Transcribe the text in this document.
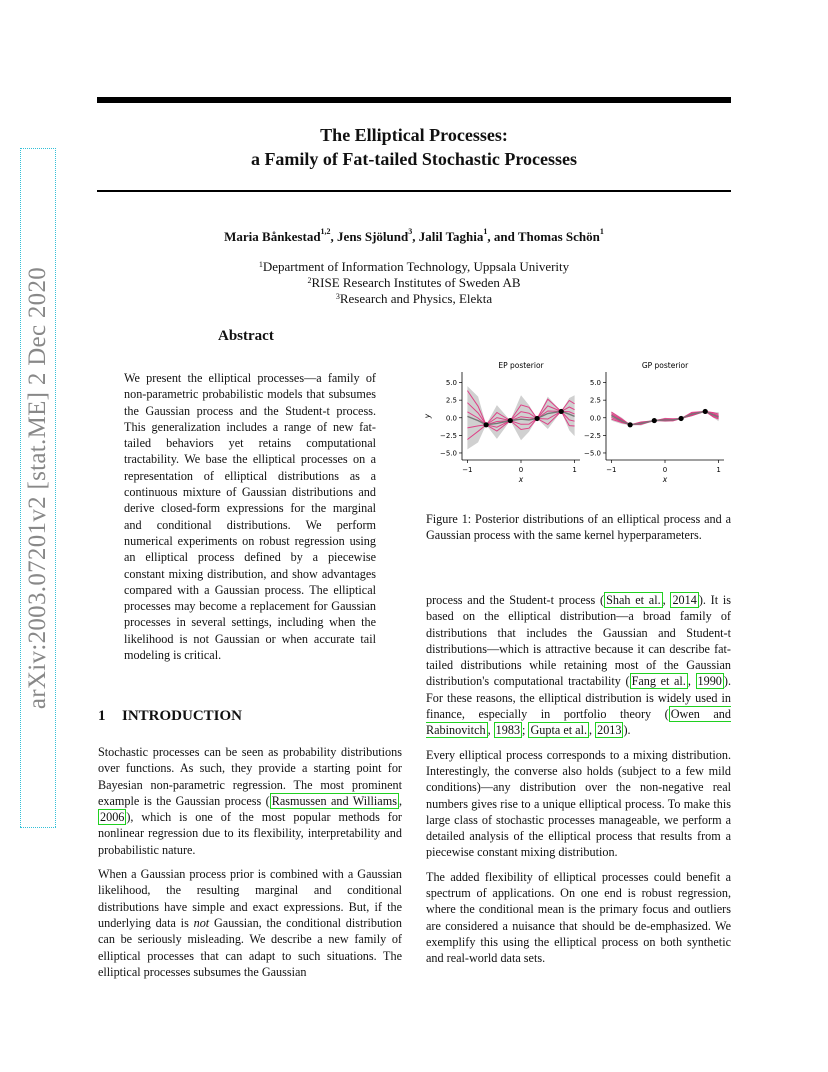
The Elliptical Processes:
a Family of Fat-tailed Stochastic Processes
arXiv:2003.07201v2 [stat.ME] 2 Dec 2020
Maria Bånkestad$^{1,2}$, Jens Sjölund$^3$, Jalil Taghia$^1$, and Thomas Schön$^1$
$^1$Department of Information Technology, Uppsala Univerity
$^2$RISE Research Institutes of Sweden AB
$^3$Research and Physics, Elekta
Abstract
We present the elliptical processes—a family of non-parametric probabilistic models that subsumes the Gaussian process and the Student-t process. This generalization includes a range of new fat-tailed behaviors yet retains computational tractability. We base the elliptical processes on a representation of elliptical distributions as a continuous mixture of Gaussian distributions and derive closed-form expressions for the marginal and conditional distributions. We perform numerical experiments on robust regression using an elliptical process defined by a piecewise constant mixing distribution, and show advantages compared with a Gaussian process. The elliptical processes may become a replacement for Gaussian processes in several settings, including when the likelihood is not Gaussian or when accurate tail modeling is critical.
1 INTRODUCTION

Stochastic processes can be seen as probability distributions over functions. As such, they provide a starting point for Bayesian non-parametric regression. The most prominent example is the Gaussian process ( Rasmussen and Williams , 2006 ), which is one of the most popular methods for nonlinear regression due to its flexibility, interpretability and probabilistic nature.

When a Gaussian process prior is combined with a Gaussian likelihood, the resulting marginal and conditional distributions have simple and exact expressions. But, if the underlying data is not Gaussian, the conditional distribution can be seriously misleading. We describe a new family of elliptical processes that can adapt to such situations. The elliptical processes subsumes the Gaussian

5.0
2.5
0.0
−2.5
−5.0
−1	0	1
EP posterior
x
y
5.0
2.5
0.0
−2.5
−5.0
−1	0	1
GP posterior
x
Figure 1: Posterior distributions of an elliptical process and a Gaussian process with the same kernel hyperparameters.

process and the Student-t process ( Shah et al. , 2014 ). It is based on the elliptical distribution—a broad family of distributions that includes the Gaussian and Student-t distributions—which is attractive because it can describe fat-tailed distributions while retaining most of the Gaussian distribution's computational tractability ( Fang et al. , 1990 ). For these reasons, the elliptical distribution is widely used in finance, especially in portfolio theory ( Owen and Rabinovitch , 1983 ; Gupta et al. , 2013 ).

Every elliptical process corresponds to a mixing distribution. Interestingly, the converse also holds (subject to a few mild conditions)—any distribution over the non-negative real numbers gives rise to a unique elliptical process. To make this large class of stochastic processes manageable, we perform a detailed analysis of the elliptical process that results from a piecewise constant mixing distribution.

The added flexibility of elliptical processes could benefit a spectrum of applications. On one end is robust regression, where the conditional mean is the primary focus and outliers are considered a nuisance that should be de-emphasized. We exemplify this using the elliptical process on both synthetic and real-world data sets.
